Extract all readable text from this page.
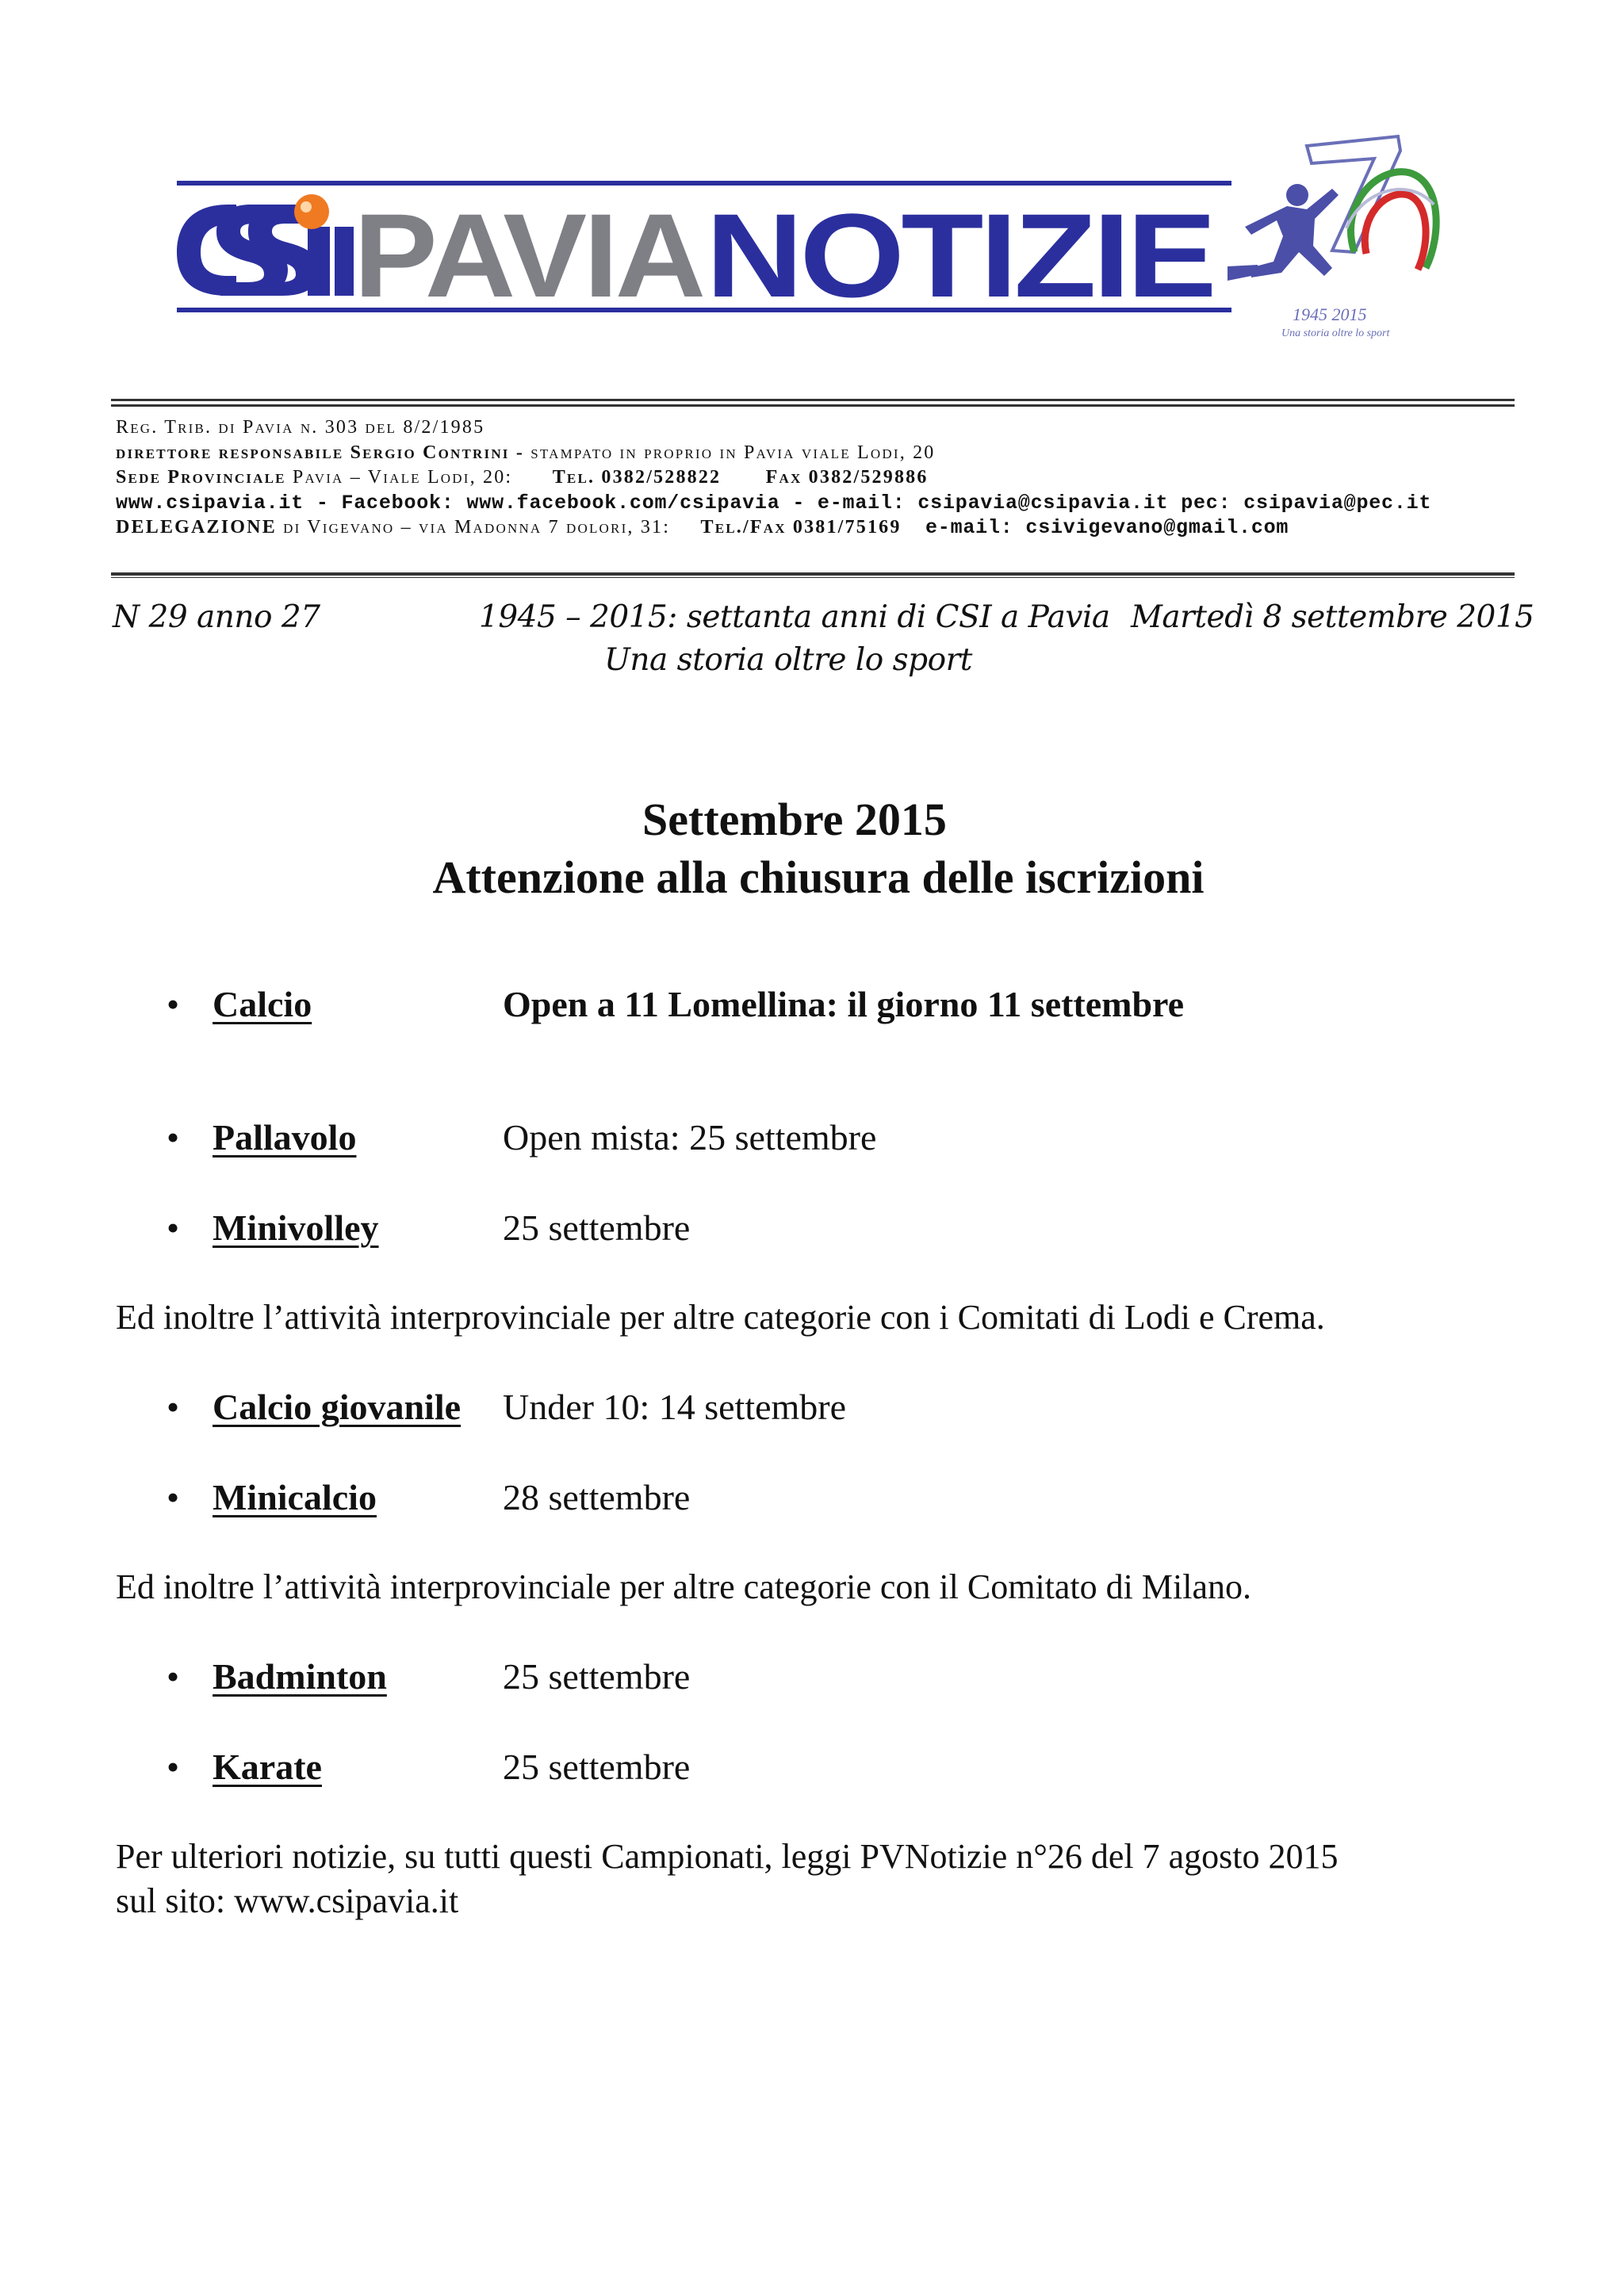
PAVIA NOTIZIE	1945 2015
Una storia oltre lo sport
Reg. Trib. di Pavia n. 303 del 8/2/1985
direttore responsabile Sergio Contrini - stampato in proprio in Pavia viale Lodi, 20
Sede Provinciale Pavia – Viale Lodi, 20: Tel. 0382/528822 Fax 0382/529886
www.csipavia.it - Facebook: www.facebook.com/csipavia - e-mail: csipavia@csipavia.it pec: csipavia@pec.it
DELEGAZIONE di Vigevano – via Madonna 7 dolori, 31: Tel./Fax 0381/75169 e-mail: csivigevano@gmail.com
N 29 anno 27	1945 – 2015: settanta anni di CSI a Pavia
Una storia oltre lo sport
Martedì 8 settembre 2015
Settembre 2015
Attenzione alla chiusura delle iscrizioni
• Calcio	Open a 11 Lomellina: il giorno 11 settembre
• Pallavolo	Open mista: 25 settembre
• Minivolley	25 settembre
Ed inoltre l’attività interprovinciale per altre categorie con i Comitati di Lodi e Crema.
• Calcio giovanile Under 10: 14 settembre
• Minicalcio	28 settembre
Ed inoltre l’attività interprovinciale per altre categorie con il Comitato di Milano.
• Badminton	25 settembre
• Karate	25 settembre
Per ulteriori notizie, su tutti questi Campionati, leggi PVNotizie n°26 del 7 agosto 2015
sul sito: www.csipavia.it
